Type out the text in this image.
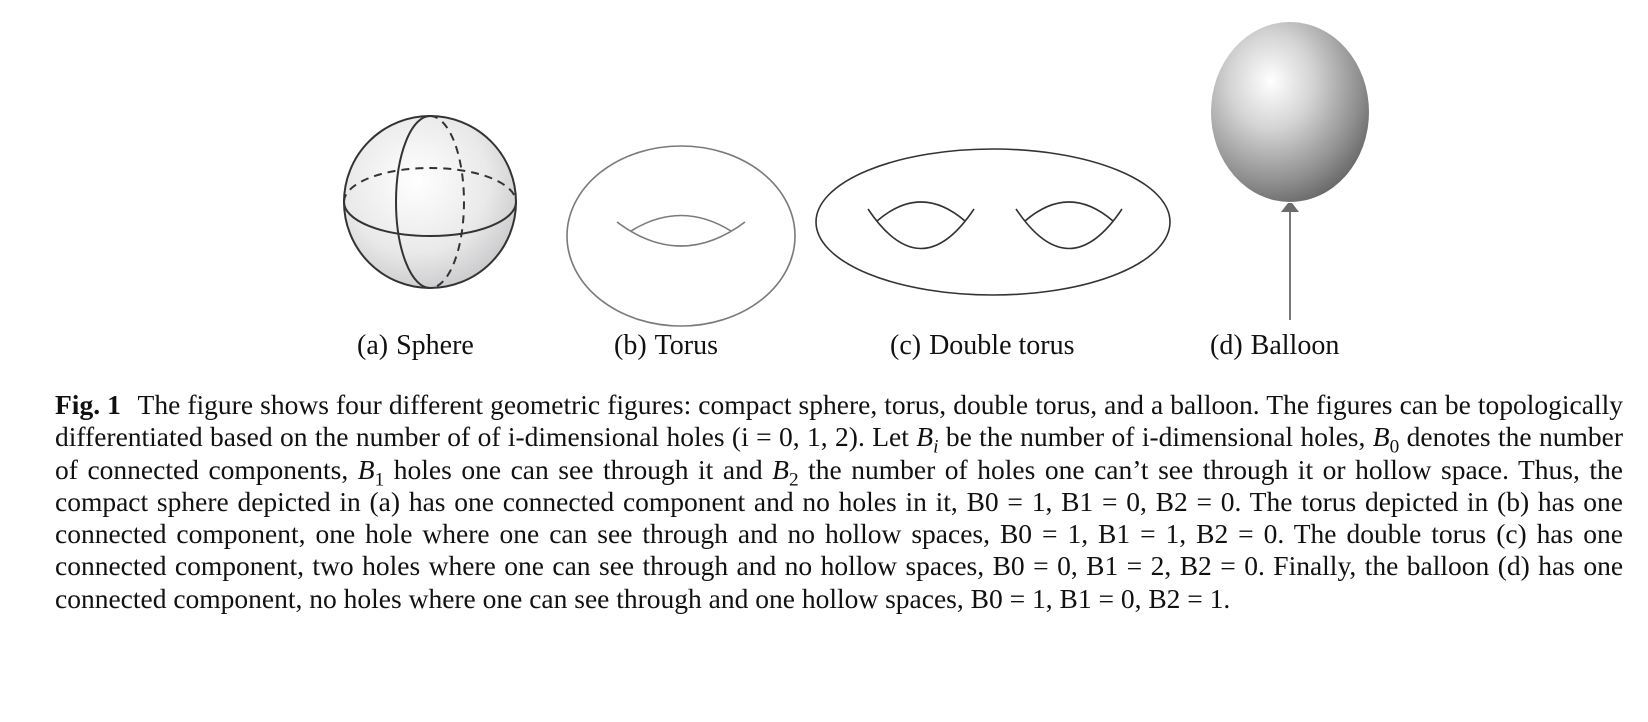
(a) Sphere	(b) Torus	(c) Double torus	(d) Balloon

Fig. 1 The figure shows four different geometric figures: compact sphere, torus, double torus, and a balloon. The figures can be topologically differentiated based on the number of of i-dimensional holes (i = 0, 1, 2). Let $B_i$ be the number of i-dimensional holes, $B_0$ denotes the number of connected components, $B_1$ holes one can see through it and $B_2$ the number of holes one can’t see through it or hollow space. Thus, the compact sphere depicted in (a) has one connected component and no holes in it, B0 = 1, B1 = 0, B2 = 0. The torus depicted in (b) has one connected component, one hole where one can see through and no hollow spaces, B0 = 1, B1 = 1, B2 = 0. The double torus (c) has one connected component, two holes where one can see through and no hollow spaces, B0 = 0, B1 = 2, B2 = 0. Finally, the balloon (d) has one connected component, no holes where one can see through and one hollow spaces, B0 = 1, B1 = 0, B2 = 1.
